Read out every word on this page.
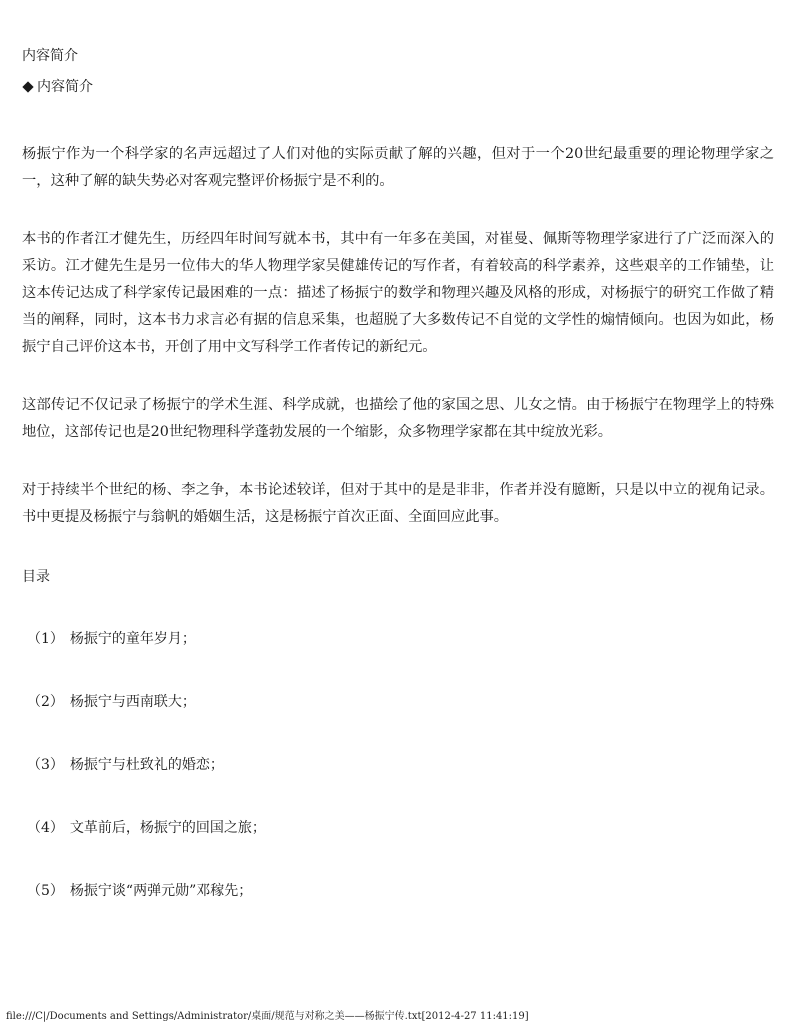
内容简介
内容简介

杨振宁作为一个科学家的名声远超过了人们对他的实际贡献了解的兴趣，但对于一个20世纪最重要的理论物理学家之一，这种了解的缺失势必对客观完整评价杨振宁是不利的。

本书的作者江才健先生，历经四年时间写就本书，其中有一年多在美国，对崔曼、佩斯等物理学家进行了广泛而深入的采访。江才健先生是另一位伟大的华人物理学家吴健雄传记的写作者，有着较高的科学素养，这些艰辛的工作铺垫，让这本传记达成了科学家传记最困难的一点：描述了杨振宁的数学和物理兴趣及风格的形成，对杨振宁的研究工作做了精当的阐释，同时，这本书力求言必有据的信息采集，也超脱了大多数传记不自觉的文学性的煽情倾向。也因为如此，杨振宁自己评价这本书，开创了用中文写科学工作者传记的新纪元。

这部传记不仅记录了杨振宁的学术生涯、科学成就，也描绘了他的家国之思、儿女之情。由于杨振宁在物理学上的特殊地位，这部传记也是20世纪物理科学蓬勃发展的一个缩影，众多物理学家都在其中绽放光彩。

对于持续半个世纪的杨、李之争，本书论述较详，但对于其中的是是非非，作者并没有臆断，只是以中立的视角记录。书中更提及杨振宁与翁帆的婚姻生活，这是杨振宁首次正面、全面回应此事。

目录
（1） 杨振宁的童年岁月；
（2） 杨振宁与西南联大；
（3） 杨振宁与杜致礼的婚恋；
（4） 文革前后，杨振宁的回国之旅；
（5） 杨振宁谈“两弹元勋”邓稼先；
file:///C|/Documents and Settings/Administrator/桌面/规范与对称之美——杨振宁传.txt[2012-4-27 11:41:19]
